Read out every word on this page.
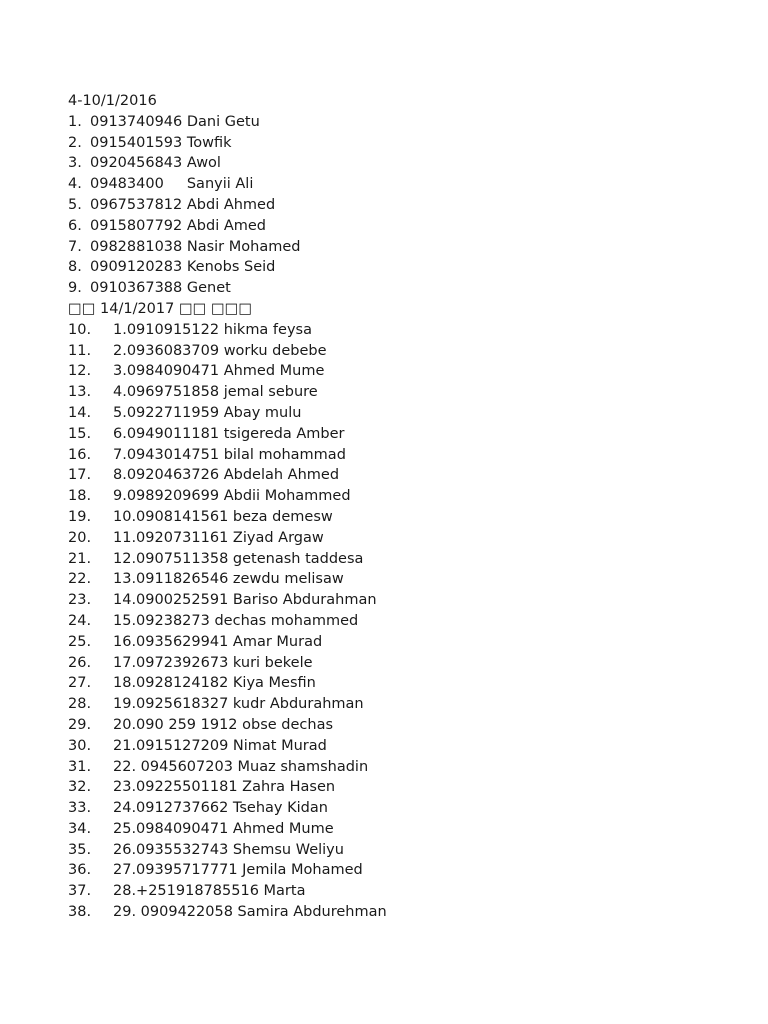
4-10/1/2016
1. 0913740946 Dani Getu
2. 0915401593 Towfik
3. 0920456843 Awol
4. 09483400     Sanyii Ali
5. 0967537812 Abdi Ahmed
6. 0915807792 Abdi Amed
7. 0982881038 Nasir Mohamed
8. 0909120283 Kenobs Seid
9. 0910367388 Genet
□□ 14/1/2017 □□ □□□
10. 1.0910915122 hikma feysa
11. 2.0936083709 worku debebe
12. 3.0984090471 Ahmed Mume
13. 4.0969751858 jemal sebure
14. 5.0922711959 Abay mulu
15. 6.0949011181 tsigereda Amber
16. 7.0943014751 bilal mohammad
17. 8.0920463726 Abdelah Ahmed
18. 9.0989209699 Abdii Mohammed
19. 10.0908141561 beza demesw
20. 11.0920731161 Ziyad Argaw
21. 12.0907511358 getenash taddesa
22. 13.0911826546 zewdu melisaw
23. 14.0900252591 Bariso Abdurahman
24. 15.09238273 dechas mohammed
25. 16.0935629941 Amar Murad
26. 17.0972392673 kuri bekele
27. 18.0928124182 Kiya Mesfin
28. 19.0925618327 kudr Abdurahman
29. 20.090 259 1912 obse dechas
30. 21.0915127209 Nimat Murad
31. 22. 0945607203 Muaz shamshadin
32. 23.09225501181 Zahra Hasen
33. 24.0912737662 Tsehay Kidan
34. 25.0984090471 Ahmed Mume
35. 26.0935532743 Shemsu Weliyu
36. 27.09395717771 Jemila Mohamed
37. 28.+251918785516 Marta
38. 29. 0909422058 Samira Abdurehman
